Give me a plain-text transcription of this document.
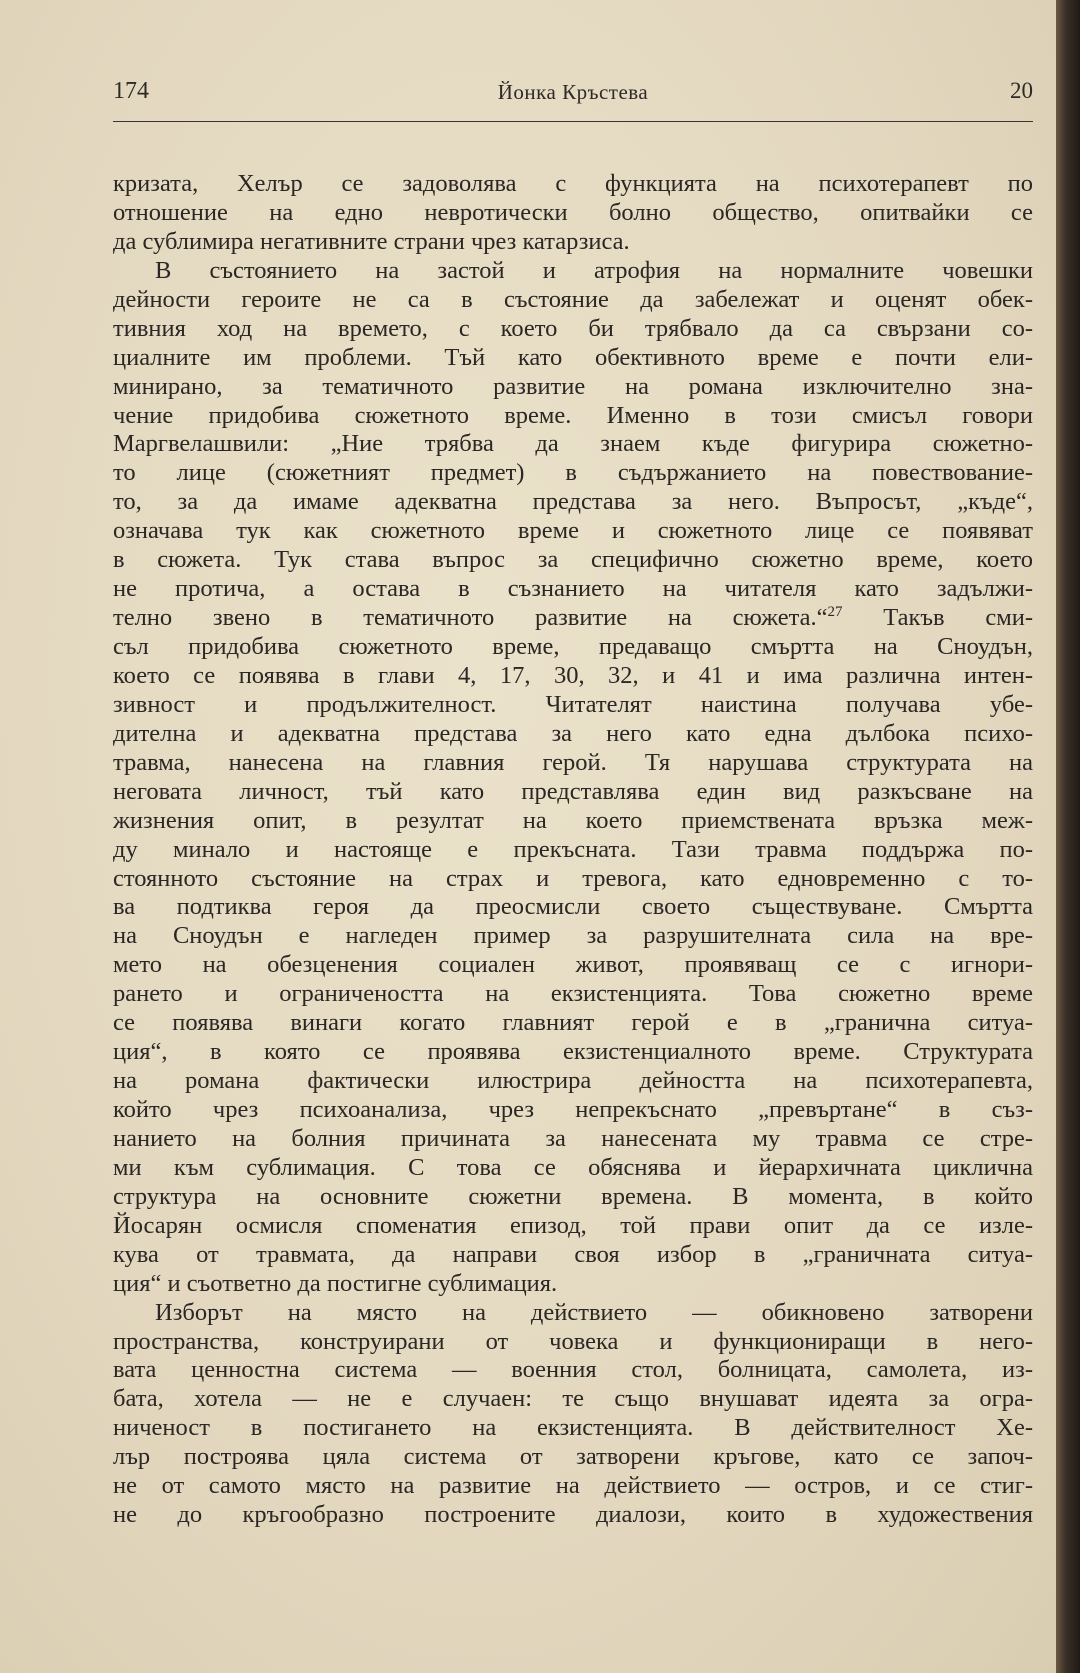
174	Йонка Кръстева	20
кризата, Хелър се задоволява с функцията на психотерапевт по
отношение на едно невротически болно общество, опитвайки се
да сублимира негативните страни чрез катарзиса.
В състоянието на застой и атрофия на нормалните човешки
дейности героите не са в състояние да забележат и оценят обек-
тивния ход на времето, с което би трябвало да са свързани со-
циалните им проблеми. Тъй като обективното време е почти ели-
минирано, за тематичното развитие на романа изключително зна-
чение придобива сюжетното време. Именно в този смисъл говори
Маргвелашвили: „Ние трябва да знаем къде фигурира сюжетно-
то лице (сюжетният предмет) в съдържанието на повествование-
то, за да имаме адекватна представа за него. Въпросът, „къде“,
означава тук как сюжетното време и сюжетното лице се появяват
в сюжета. Тук става въпрос за специфично сюжетно време, което
не протича, а остава в съзнанието на читателя като задължи-
телно звено в тематичното развитие на сюжета.“$^{27}$ Такъв сми-
съл придобива сюжетното време, предаващо смъртта на Сноудън,
което се появява в глави 4, 17, 30, 32, и 41 и има различна интен-
зивност и продължителност. Читателят наистина получава убе-
дителна и адекватна представа за него като една дълбока психо-
травма, нанесена на главния герой. Тя нарушава структурата на
неговата личност, тъй като представлява един вид разкъсване на
жизнения опит, в резултат на което приемствената връзка меж-
ду минало и настояще е прекъсната. Тази травма поддържа по-
стоянното състояние на страх и тревога, като едновременно с то-
ва подтиква героя да преосмисли своето съществуване. Смъртта
на Сноудън е нагледен пример за разрушителната сила на вре-
мето на обезценения социален живот, проявяващ се с игнори-
рането и ограничеността на екзистенцията. Това сюжетно време
се появява винаги когато главният герой е в „гранична ситуа-
ция“, в която се проявява екзистенциалното време. Структурата
на романа фактически илюстрира дейността на психотерапевта,
който чрез психоанализа, чрез непрекъснато „превъртане“ в съз-
нанието на болния причината за нанесената му травма се стре-
ми към сублимация. С това се обяснява и йерархичната циклична
структура на основните сюжетни времена. В момента, в който
Йосарян осмисля споменатия епизод, той прави опит да се изле-
кува от травмата, да направи своя избор в „граничната ситуа-
ция“ и съответно да постигне сублимация.
Изборът на място на действието — обикновено затворени
пространства, конструирани от човека и функциониращи в него-
вата ценностна система — военния стол, болницата, самолета, из-
бата, хотела — не е случаен: те също внушават идеята за огра-
ниченост в постигането на екзистенцията. В действителност Хе-
лър построява цяла система от затворени кръгове, като се започ-
не от самото място на развитие на действието — остров, и се стиг-
не до кръгообразно построените диалози, които в художествения
